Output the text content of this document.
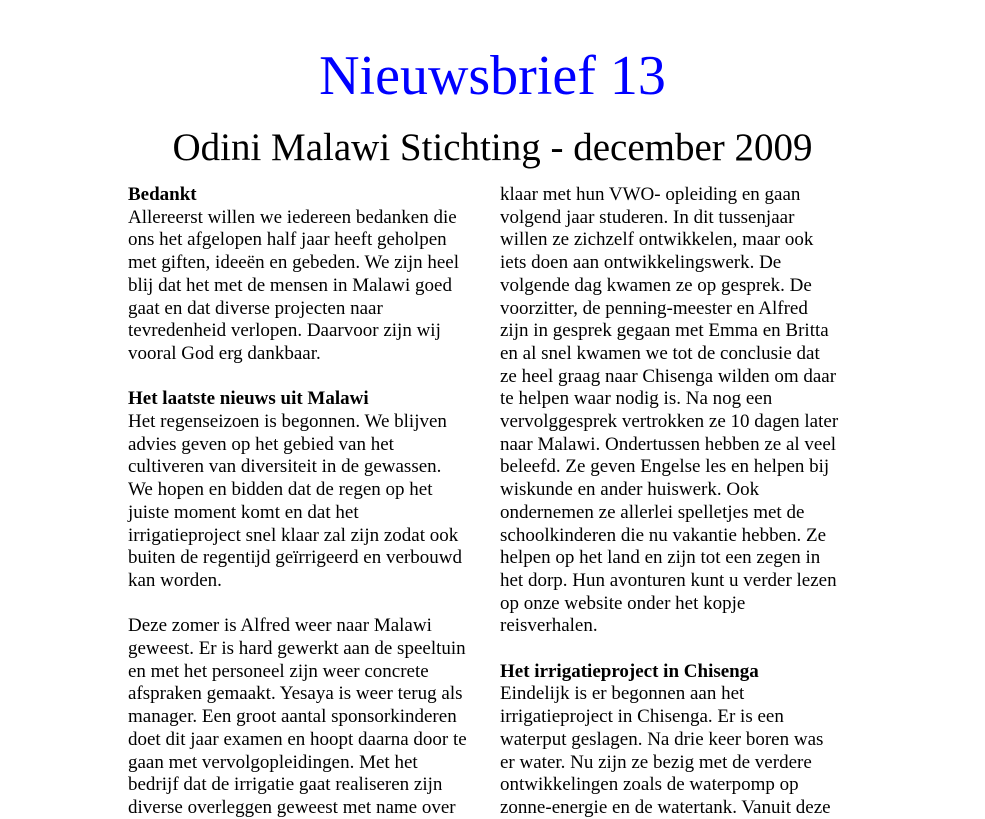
Nieuwsbrief 13
Odini Malawi Stichting - december 2009
Bedankt

Allereerst willen we iedereen bedanken die
ons het afgelopen half jaar heeft geholpen
met giften, ideeën en gebeden. We zijn heel
blij dat het met de mensen in Malawi goed
gaat en dat diverse projecten naar
tevredenheid verlopen. Daarvoor zijn wij
vooral God erg dankbaar.

Het laatste nieuws uit Malawi

Het regenseizoen is begonnen. We blijven
advies geven op het gebied van het
cultiveren van diversiteit in de gewassen.
We hopen en bidden dat de regen op het
juiste moment komt en dat het
irrigatieproject snel klaar zal zijn zodat ook
buiten de regentijd geïrrigeerd en verbouwd
kan worden.

Deze zomer is Alfred weer naar Malawi
geweest. Er is hard gewerkt aan de speeltuin
en met het personeel zijn weer concrete
afspraken gemaakt. Yesaya is weer terug als
manager. Een groot aantal sponsorkinderen
doet dit jaar examen en hoopt daarna door te
gaan met vervolgopleidingen. Met het
bedrijf dat de irrigatie gaat realiseren zijn
diverse overleggen geweest met name over

klaar met hun VWO- opleiding en gaan
volgend jaar studeren. In dit tussenjaar
willen ze zichzelf ontwikkelen, maar ook
iets doen aan ontwikkelingswerk. De
volgende dag kwamen ze op gesprek. De
voorzitter, de penning-meester en Alfred
zijn in gesprek gegaan met Emma en Britta
en al snel kwamen we tot de conclusie dat
ze heel graag naar Chisenga wilden om daar
te helpen waar nodig is. Na nog een
vervolggesprek vertrokken ze 10 dagen later
naar Malawi. Ondertussen hebben ze al veel
beleefd. Ze geven Engelse les en helpen bij
wiskunde en ander huiswerk. Ook
ondernemen ze allerlei spelletjes met de
schoolkinderen die nu vakantie hebben. Ze
helpen op het land en zijn tot een zegen in
het dorp. Hun avonturen kunt u verder lezen
op onze website onder het kopje
reisverhalen.

Het irrigatieproject in Chisenga

Eindelijk is er begonnen aan het
irrigatieproject in Chisenga. Er is een
waterput geslagen. Na drie keer boren was
er water. Nu zijn ze bezig met de verdere
ontwikkelingen zoals de waterpomp op
zonne-energie en de watertank. Vanuit deze
